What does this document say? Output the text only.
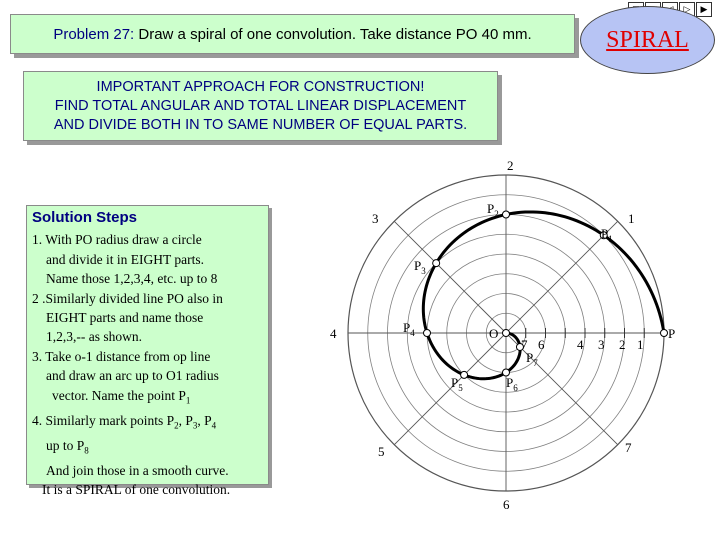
1
2
3
4
5
6
7
O	P
7 6	4 3 2 1
$P_1$
$P_2$
$P_3$
$P_4$
$P_5$	$P_6$
$P_7$
Problem 27:
Draw a spiral of one convolution. Take distance PO 40 mm.
▷	▶
SPIRAL
IMPORTANT APPROACH FOR CONSTRUCTION!
FIND TOTAL ANGULAR AND TOTAL LINEAR DISPLACEMENT
AND DIVIDE BOTH IN TO SAME NUMBER OF EQUAL PARTS.
Solution Steps
1. With PO radius draw a circle
and divide it in EIGHT parts.
Name those 1,2,3,4, etc. up to 8
2 .Similarly divided line PO also in
EIGHT parts and name those
1,2,3,-- as shown.
3. Take o-1 distance from op line
and draw an arc up to O1 radius
vector. Name the point $P_1$
4. Similarly mark points $P_2$, $P_3$, $P_4$
up to $P_8$
And join those in a smooth curve.
It is a SPIRAL of one convolution.
